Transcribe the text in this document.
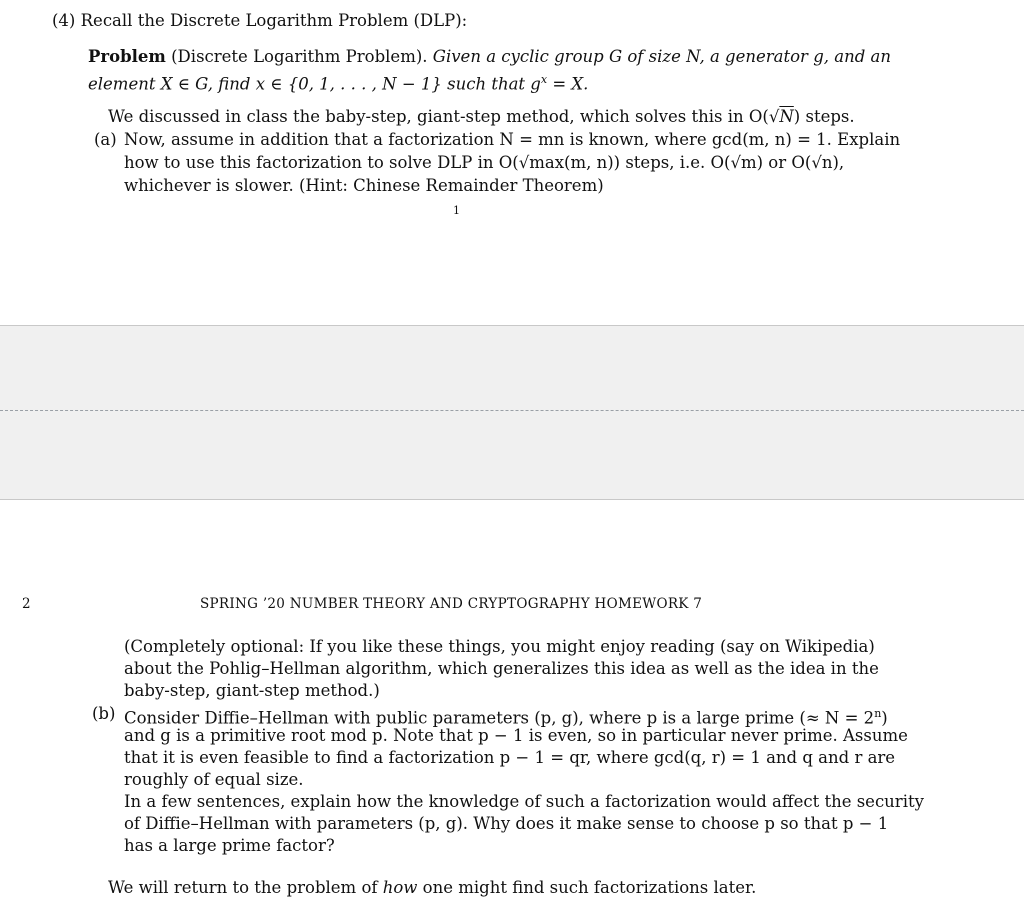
(4) Recall the Discrete Logarithm Problem (DLP):
Problem (Discrete Logarithm Problem). Given a cyclic group G of size N, a generator g, and an
element X ∈ G, find x ∈ {0, 1, . . . , N − 1} such that $g^x = X$.
We discussed in class the baby-step, giant-step method, which solves this in O(√N) steps.
(a) Now, assume in addition that a factorization N = mn is known, where gcd(m, n) = 1. Explain
how to use this factorization to solve DLP in O(√max(m, n)) steps, i.e. O(√m) or O(√n),
whichever is slower. (Hint: Chinese Remainder Theorem)
1
2	SPRING ’20 NUMBER THEORY AND CRYPTOGRAPHY HOMEWORK 7
(Completely optional: If you like these things, you might enjoy reading (say on Wikipedia)
about the Pohlig–Hellman algorithm, which generalizes this idea as well as the idea in the
baby-step, giant-step method.)
(b) Consider Diffie–Hellman with public parameters (p, g), where p is a large prime (≈ $N = 2^n$)
and g is a primitive root mod p. Note that p − 1 is even, so in particular never prime. Assume
that it is even feasible to find a factorization p − 1 = qr, where gcd(q, r) = 1 and q and r are
roughly of equal size.
In a few sentences, explain how the knowledge of such a factorization would affect the security
of Diffie–Hellman with parameters (p, g). Why does it make sense to choose p so that p − 1
has a large prime factor?
We will return to the problem of how one might find such factorizations later.
